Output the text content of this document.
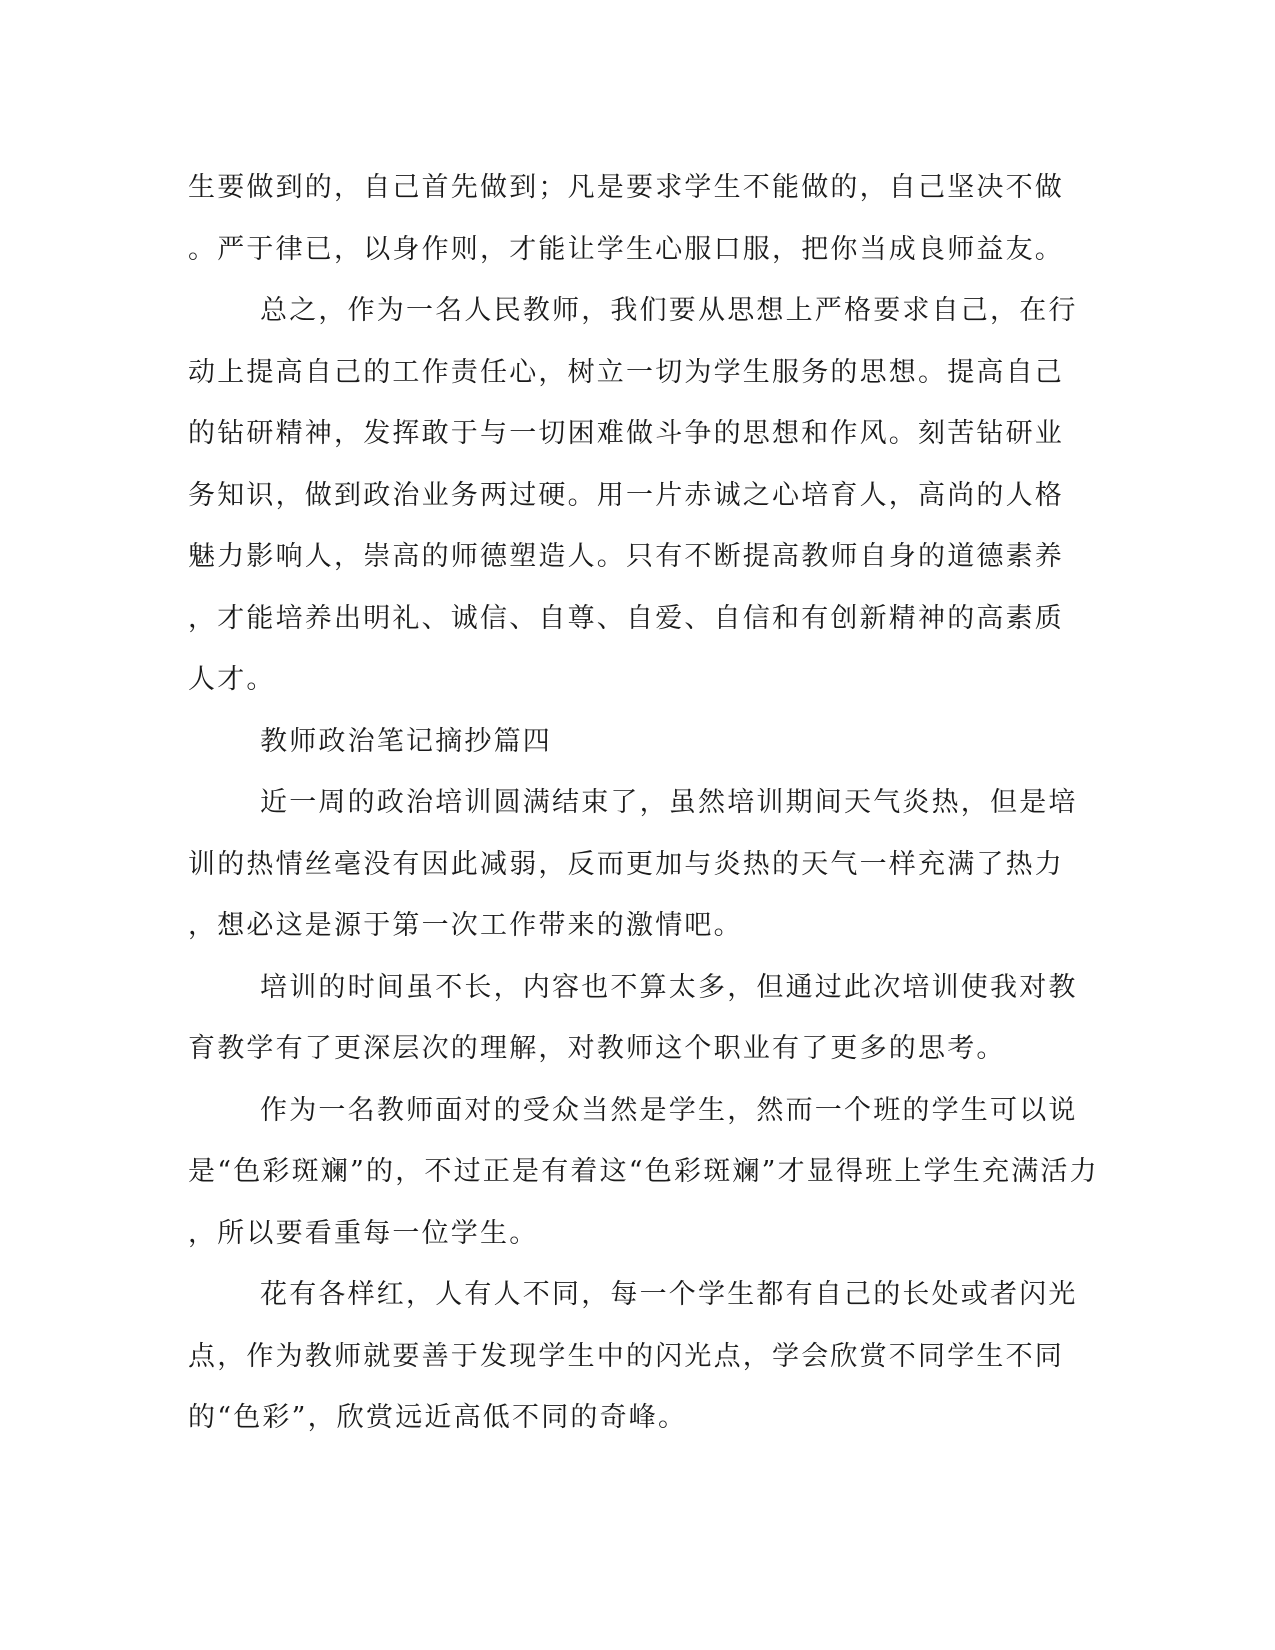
生要做到的，自己首先做到；凡是要求学生不能做的，自己坚决不做
。严于律已，以身作则，才能让学生心服口服，把你当成良师益友。
总之，作为一名人民教师，我们要从思想上严格要求自己，在行
动上提高自己的工作责任心，树立一切为学生服务的思想。提高自己
的钻研精神，发挥敢于与一切困难做斗争的思想和作风。刻苦钻研业
务知识，做到政治业务两过硬。用一片赤诚之心培育人，高尚的人格
魅力影响人，崇高的师德塑造人。只有不断提高教师自身的道德素养
，才能培养出明礼、诚信、自尊、自爱、自信和有创新精神的高素质
人才。
教师政治笔记摘抄篇四
近一周的政治培训圆满结束了，虽然培训期间天气炎热，但是培
训的热情丝毫没有因此减弱，反而更加与炎热的天气一样充满了热力
，想必这是源于第一次工作带来的激情吧。
培训的时间虽不长，内容也不算太多，但通过此次培训使我对教
育教学有了更深层次的理解，对教师这个职业有了更多的思考。
作为一名教师面对的受众当然是学生，然而一个班的学生可以说
是“色彩斑斓”的，不过正是有着这“色彩斑斓”才显得班上学生充满活力
，所以要看重每一位学生。
花有各样红，人有人不同，每一个学生都有自己的长处或者闪光
点，作为教师就要善于发现学生中的闪光点，学会欣赏不同学生不同
的“色彩”，欣赏远近高低不同的奇峰。
